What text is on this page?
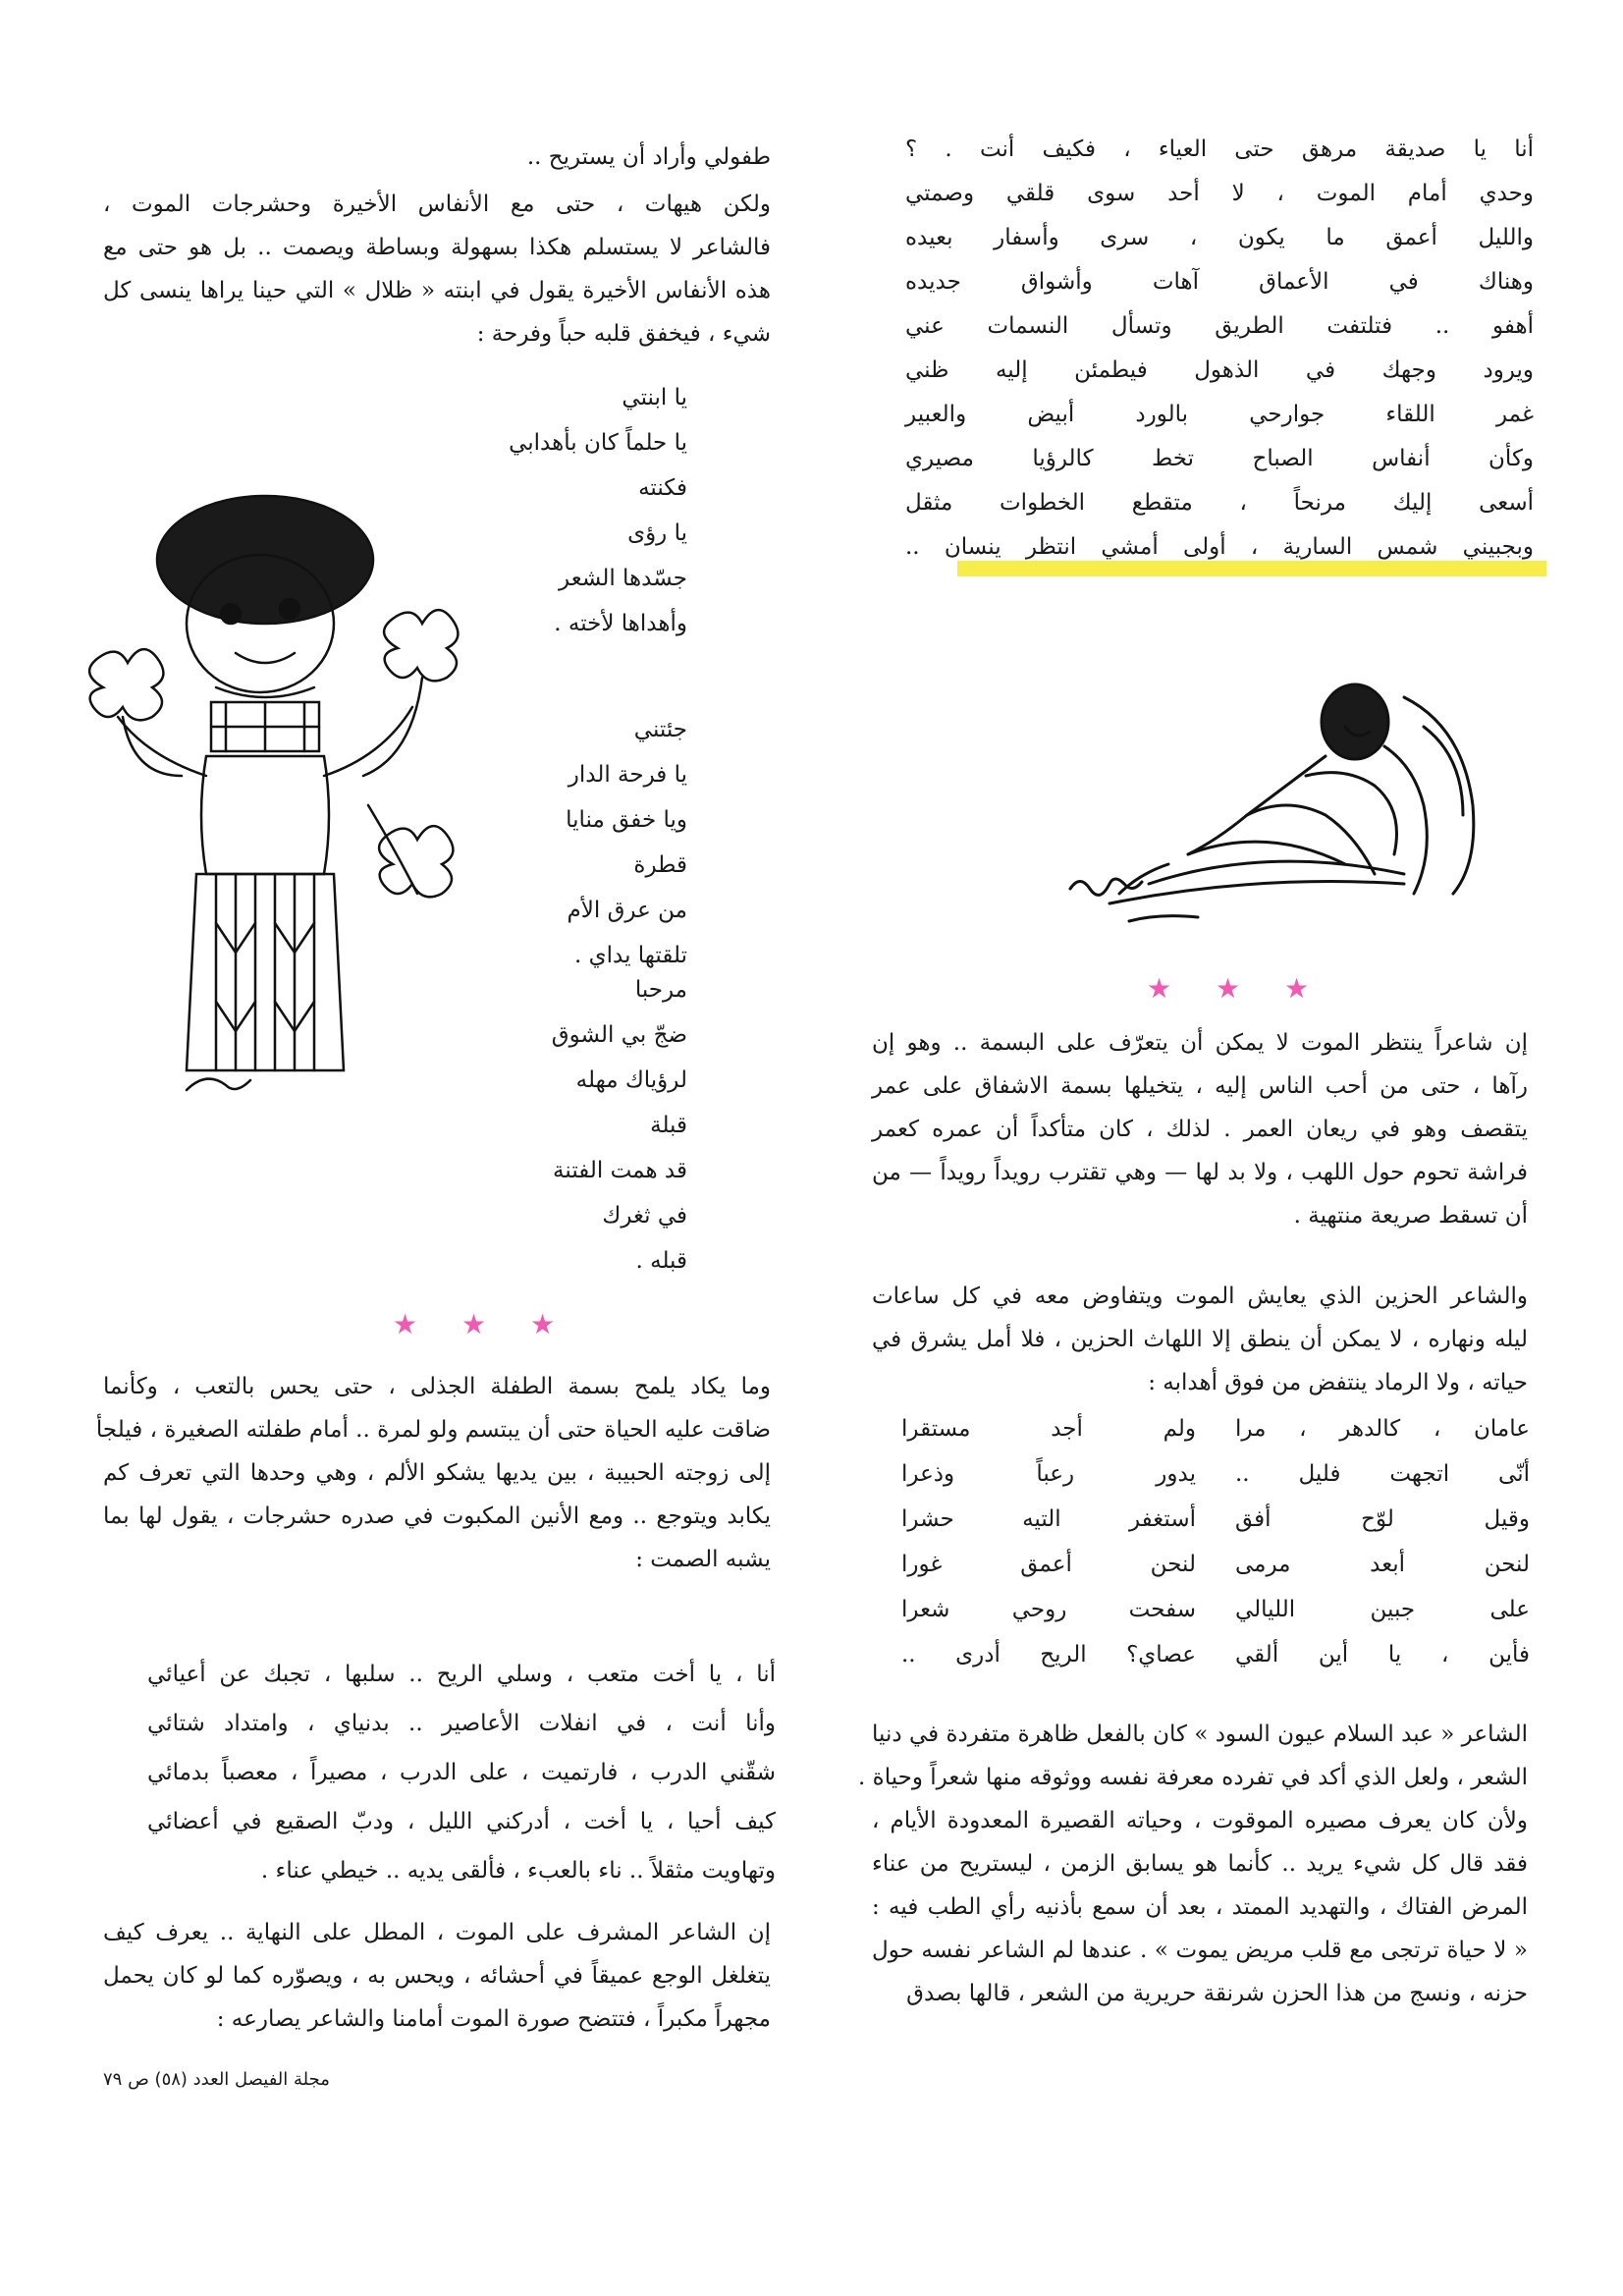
أنا يا صديقة مرهق حتى العياء ، فكيف أنت . ؟
وحدي أمام الموت ، لا أحد سوى قلقي وصمتي
والليل أعمق ما يكون ، سرى وأسفار بعيده
وهناك في الأعماق آهات وأشواق جديده
أهفو .. فتلتفت الطريق وتسأل النسمات عني
ويرود وجهك في الذهول فيطمئن إليه ظني
غمر اللقاء جوارحي بالورد أبيض والعبير
وكأن أنفاس الصباح تخط كالرؤيا مصيري
أسعى إليك مرنحاً ، متقطع الخطوات مثقل
وبجبيني شمس السارية ، أولى أمشي انتظر ينسان ..
★ ★ ★
إن شاعراً ينتظر الموت لا يمكن أن يتعرّف على البسمة .. وهو إن
رآها ، حتى من أحب الناس إليه ، يتخيلها بسمة الاشفاق على عمر
يتقصف وهو في ريعان العمر . لذلك ، كان متأكداً أن عمره كعمر
فراشة تحوم حول اللهب ، ولا بد لها — وهي تقترب رويداً رويداً — من
أن تسقط صريعة منتهية .
والشاعر الحزين الذي يعايش الموت ويتفاوض معه في كل ساعات
ليله ونهاره ، لا يمكن أن ينطق إلا اللهاث الحزين ، فلا أمل يشرق في
حياته ، ولا الرماد ينتفض من فوق أهدابه :
عامان ، كالدهر ، مرا
ولم أجد مستقرا
أنّى اتجهت فليل ..
يدور رعباً وذعرا
وقيل لوّح أفق
أستغفر التيه حشرا
لنحن أبعد مرمى
لنحن أعمق غورا
على جبين الليالي
سفحت روحي شعرا
فأين ، يا أين ألقي
عصاي؟ الريح أدرى ..
الشاعر « عبد السلام عيون السود » كان بالفعل ظاهرة متفردة في دنيا
الشعر ، ولعل الذي أكد في تفرده معرفة نفسه ووثوقه منها شعراً وحياة .
ولأن كان يعرف مصيره الموقوت ، وحياته القصيرة المعدودة الأيام ،
فقد قال كل شيء يريد .. كأنما هو يسابق الزمن ، ليستريح من عناء
المرض الفتاك ، والتهديد الممتد ، بعد أن سمع بأذنيه رأي الطب فيه :
« لا حياة ترتجى مع قلب مريض يموت » . عندها لم الشاعر نفسه حول
حزنه ، ونسج من هذا الحزن شرنقة حريرية من الشعر ، قالها بصدق
طفولي وأراد أن يستريح ..
ولكن هيهات ، حتى مع الأنفاس الأخيرة وحشرجات الموت ،
فالشاعر لا يستسلم هكذا بسهولة وبساطة ويصمت .. بل هو حتى مع
هذه الأنفاس الأخيرة يقول في ابنته « ظلال » التي حينا يراها ينسى كل
شيء ، فيخفق قلبه حباً وفرحة :
يا ابنتي
يا حلماً كان بأهدابي
فكنته
يا رؤى
جسّدها الشعر
وأهداها لأخته .
جئتني
يا فرحة الدار
ويا خفق منايا
قطرة
من عرق الأم
تلقتها يداي .
مرحبا
ضجّ بي الشوق
لرؤياك مهله
قبلة
قد همت الفتنة
في ثغرك
قبله .
★ ★ ★
وما يكاد يلمح بسمة الطفلة الجذلى ، حتى يحس بالتعب ، وكأنما
ضاقت عليه الحياة حتى أن يبتسم ولو لمرة .. أمام طفلته الصغيرة ، فيلجأ
إلى زوجته الحبيبة ، بين يديها يشكو الألم ، وهي وحدها التي تعرف كم
يكابد ويتوجع .. ومع الأنين المكبوت في صدره حشرجات ، يقول لها بما
يشبه الصمت :
أنا ، يا أخت متعب ، وسلي الريح .. سلبها ، تجبك عن أعيائي
وأنا أنت ، في انفلات الأعاصير .. بدنياي ، وامتداد شتائي
شقّني الدرب ، فارتميت ، على الدرب ، مصيراً ، معصباً بدمائي
كيف أحيا ، يا أخت ، أدركني الليل ، ودبّ الصقيع في أعضائي
وتهاويت مثقلاً .. ناء بالعبء ، فألقى يديه .. خيطي عناء .
إن الشاعر المشرف على الموت ، المطل على النهاية .. يعرف كيف
يتغلغل الوجع عميقاً في أحشائه ، ويحس به ، ويصوّره كما لو كان يحمل
مجهراً مكبراً ، فتتضح صورة الموت أمامنا والشاعر يصارعه :
مجلة الفيصل العدد (٥٨) ص ٧٩
